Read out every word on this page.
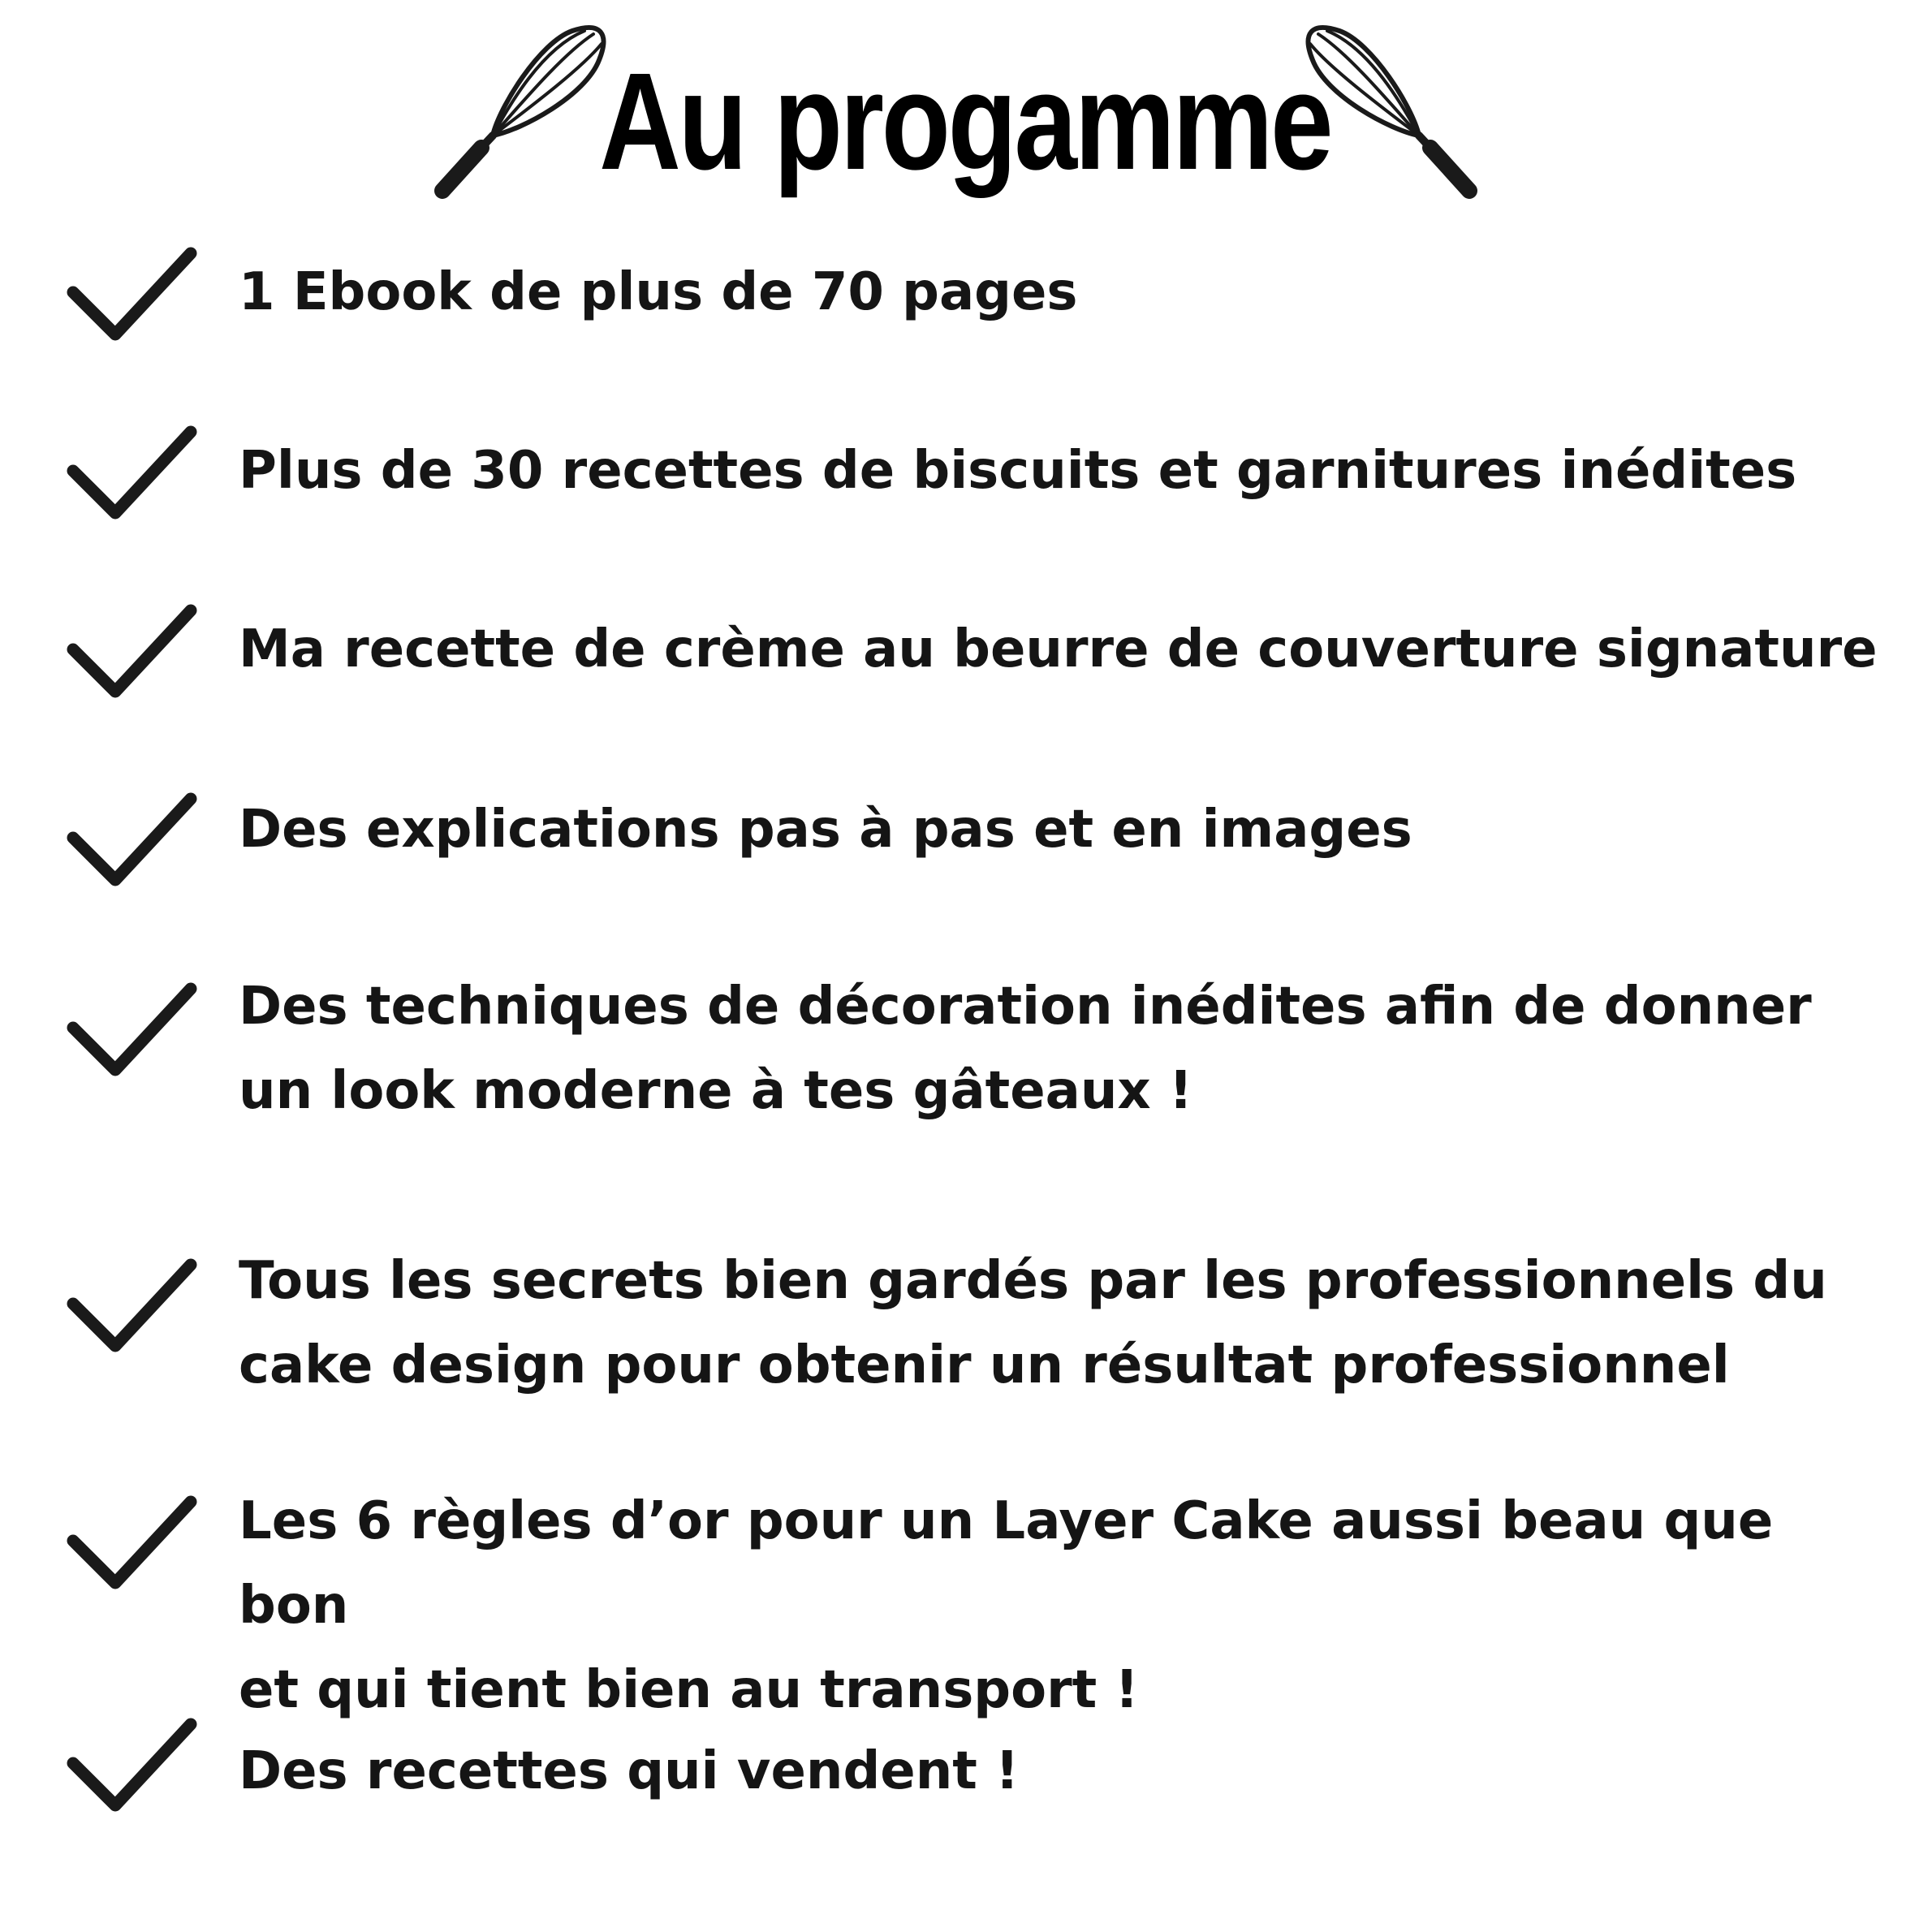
Au progamme
1 Ebook de plus de 70 pages
Plus de 30 recettes de biscuits et garnitures inédites
Ma recette de crème au beurre de couverture signature
Des explications pas à pas et en images
Des techniques de décoration inédites afin de donner
un look moderne à tes gâteaux !
Tous les secrets bien gardés par les professionnels du
cake design pour obtenir un résultat professionnel
Les 6 règles d’or pour un Layer Cake aussi beau que bon
et qui tient bien au transport !
Des recettes qui vendent !
